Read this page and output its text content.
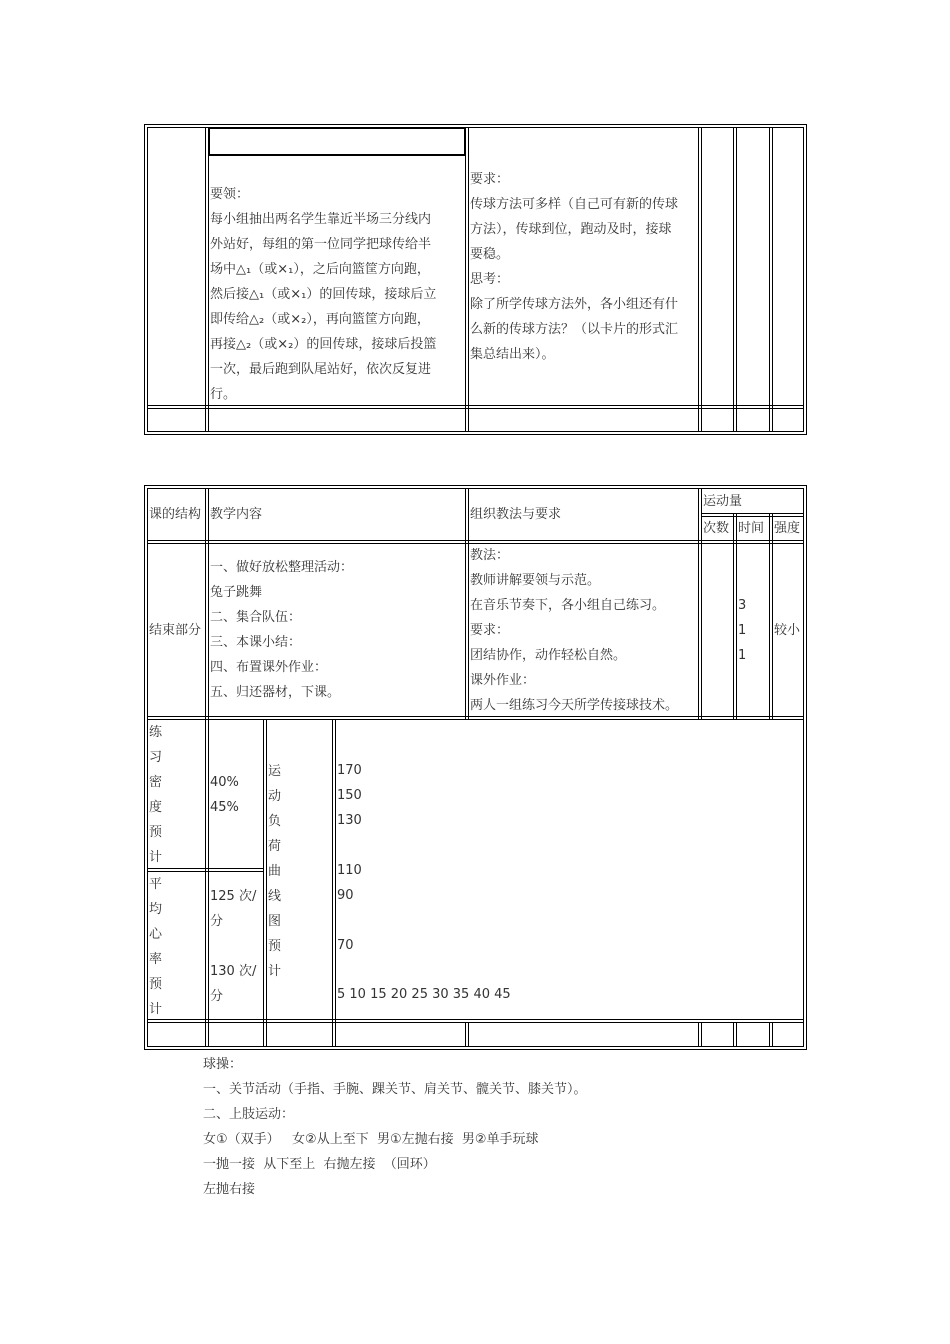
要领：
每小组抽出两名学生靠近半场三分线内
外站好，每组的第一位同学把球传给半
场中△₁（或×₁），之后向篮筐方向跑，
然后接△₁（或×₁）的回传球，接球后立
即传给△₂（或×₂），再向篮筐方向跑，
再接△₂（或×₂）的回传球，接球后投篮
一次，最后跑到队尾站好，依次反复进
行。
要求：
传球方法可多样（自己可有新的传球
方法），传球到位，跑动及时，接球
要稳。
思考：
除了所学传球方法外，各小组还有什
么新的传球方法？（以卡片的形式汇
集总结出来）。
课的结构 教学内容	组织教法与要求
运动量
次数 时间 强度
结束部分
一、做好放松整理活动：
兔子跳舞
二、集合队伍：
三、本课小结：
四、布置课外作业：
五、归还器材，下课。
教法：
教师讲解要领与示范。
在音乐节奏下，各小组自己练习。
要求：
团结协作，动作轻松自然。
课外作业：
两人一组练习今天所学传接球技术。
3
1
1
较小
练
习
密
度
预
计
40%
45%
平
均
心
率
预
计
125 次/
分
130 次/
分
运
动
负
荷
曲
线
图
预
计
170
150
130
110
90
70
5 10 15 20 25 30 35 40 45
球操：
一、关节活动（手指、手腕、踝关节、肩关节、髋关节、膝关节）。
二、上肢运动：
女①（双手）   女②从上至下  男①左抛右接  男②单手玩球
一抛一接  从下至上  右抛左接  （回环）
左抛右接
